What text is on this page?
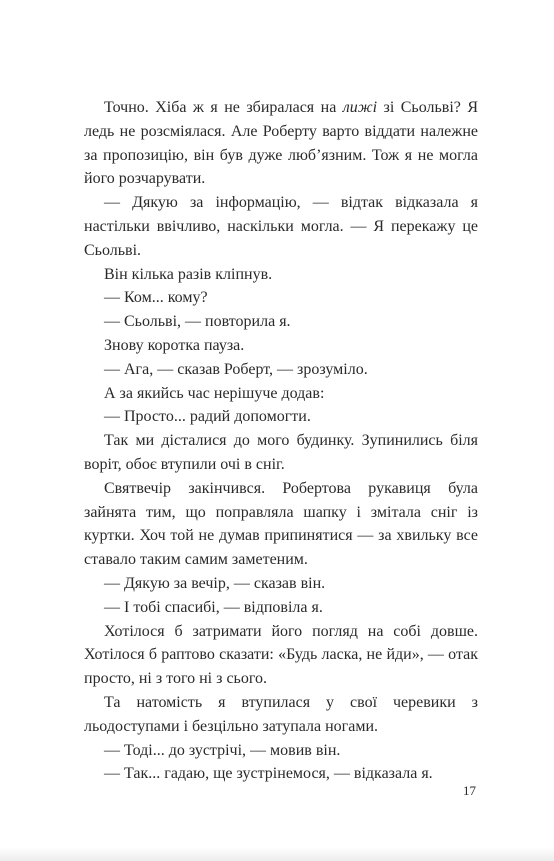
Точно. Хіба ж я не збиралася на лижі зі Сьольві? Я ледь не розсміялася. Але Роберту варто віддати належне за пропозицію, він був дуже люб’язним. Тож я не могла його розчарувати.

— Дякую за інформацію, — відтак відказала я настільки ввічливо, наскільки могла. — Я перекажу це Сьольві.

Він кілька разів кліпнув.

— Ком... кому?

— Сьольві, — повторила я.

Знову коротка пауза.

— Ага, — сказав Роберт, — зрозуміло.

А за якийсь час нерішуче додав:

— Просто... радий допомогти.

Так ми дісталися до мого будинку. Зупинились біля воріт, обоє втупили очі в сніг.

Святвечір закінчився. Робертова рукавиця була зайнята тим, що поправляла шапку і змітала сніг із куртки. Хоч той не думав припинятися — за хвильку все ставало таким самим заметеним.

— Дякую за вечір, — сказав він.

— І тобі спасибі, — відповіла я.

Хотілося б затримати його погляд на собі довше. Хотілося б раптово сказати: «Будь ласка, не йди», — отак просто, ні з того ні з сього.

Та натомість я втупилася у свої черевики з льодоступами і безцільно затупала ногами.

— Тоді... до зустрічі, — мовив він.

— Так... гадаю, ще зустрінемося, — відказала я.

17
